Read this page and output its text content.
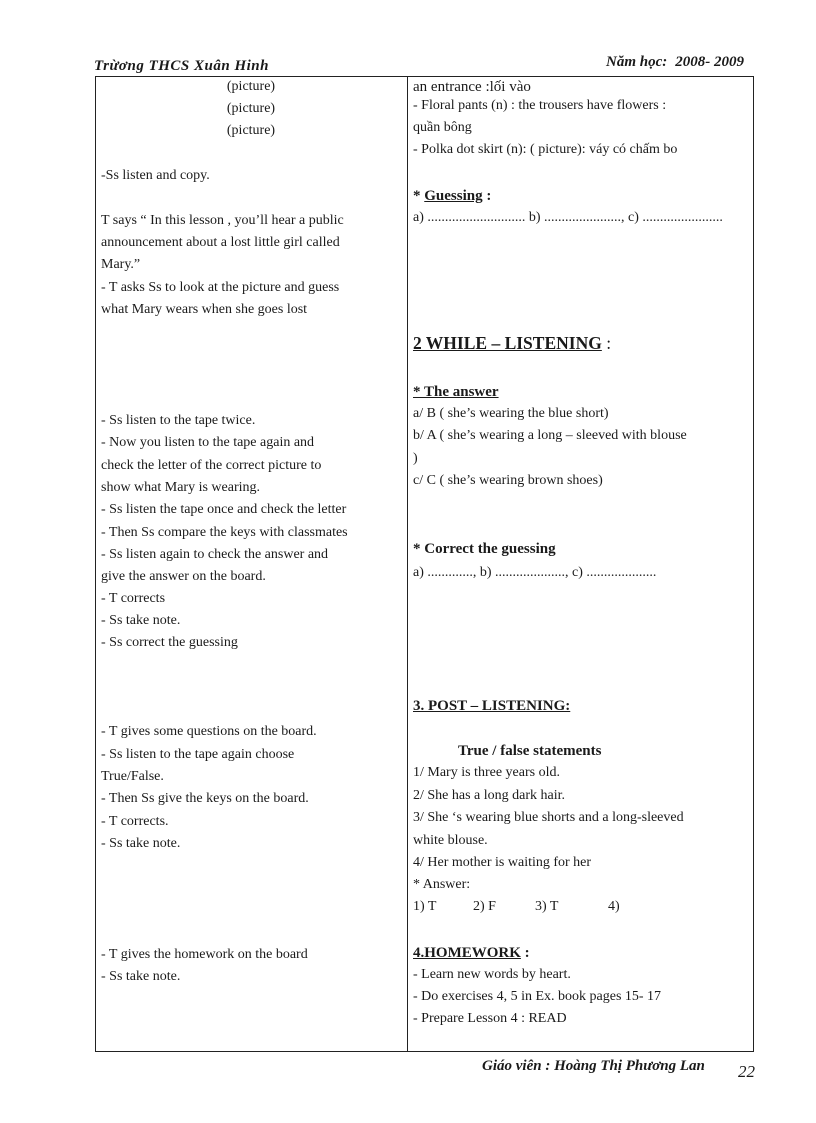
Trừơng THCS Xuân Hinh	Năm học: 2008- 2009
(picture)
(picture)
(picture)
-Ss listen and copy.
T says “ In this lesson , you’ll hear a public
announcement about a lost little girl called
Mary.”
- T asks Ss to look at the picture and guess
what Mary wears when she goes lost
- Ss listen to the tape twice.
- Now you listen to the tape again and
check the letter of the correct picture to
show what Mary is wearing.
- Ss listen the tape once and check the letter
- Then Ss compare the keys with classmates
- Ss listen again to check the answer and
give the answer on the board.
- T corrects
- Ss take note.
- Ss correct the guessing
- T gives some questions on the board.
- Ss listen to the tape again choose
True/False.
- Then Ss give the keys on the board.
- T corrects.
- Ss take note.
- T gives the homework on the board
- Ss take note.
an entrance :lối vào
- Floral pants (n) : the trousers have flowers :
quần bông
- Polka dot skirt (n): ( picture): váy có chấm bo
* Guessing :
a) ............................ b) ......................, c) .......................
2 WHILE – LISTENING :
* The answer
a/ B ( she’s wearing the blue short)
b/ A ( she’s wearing a long – sleeved with blouse
)
c/ C ( she’s wearing brown shoes)
* Correct the guessing
a) ............., b) ...................., c) ....................
3. POST – LISTENING:
True / false statements
1/ Mary is three years old.
2/ She has a long dark hair.
3/ She ‘s wearing blue shorts and a long-sleeved
white blouse.
4/ Her mother is waiting for her
* Answer:
1) T	2) F	3) T	4)
4.HOMEWORK :
- Learn new words by heart.
- Do exercises 4, 5 in Ex. book pages 15- 17
- Prepare Lesson 4 : READ
Giáo viên : Hoàng Thị Phương Lan 22
